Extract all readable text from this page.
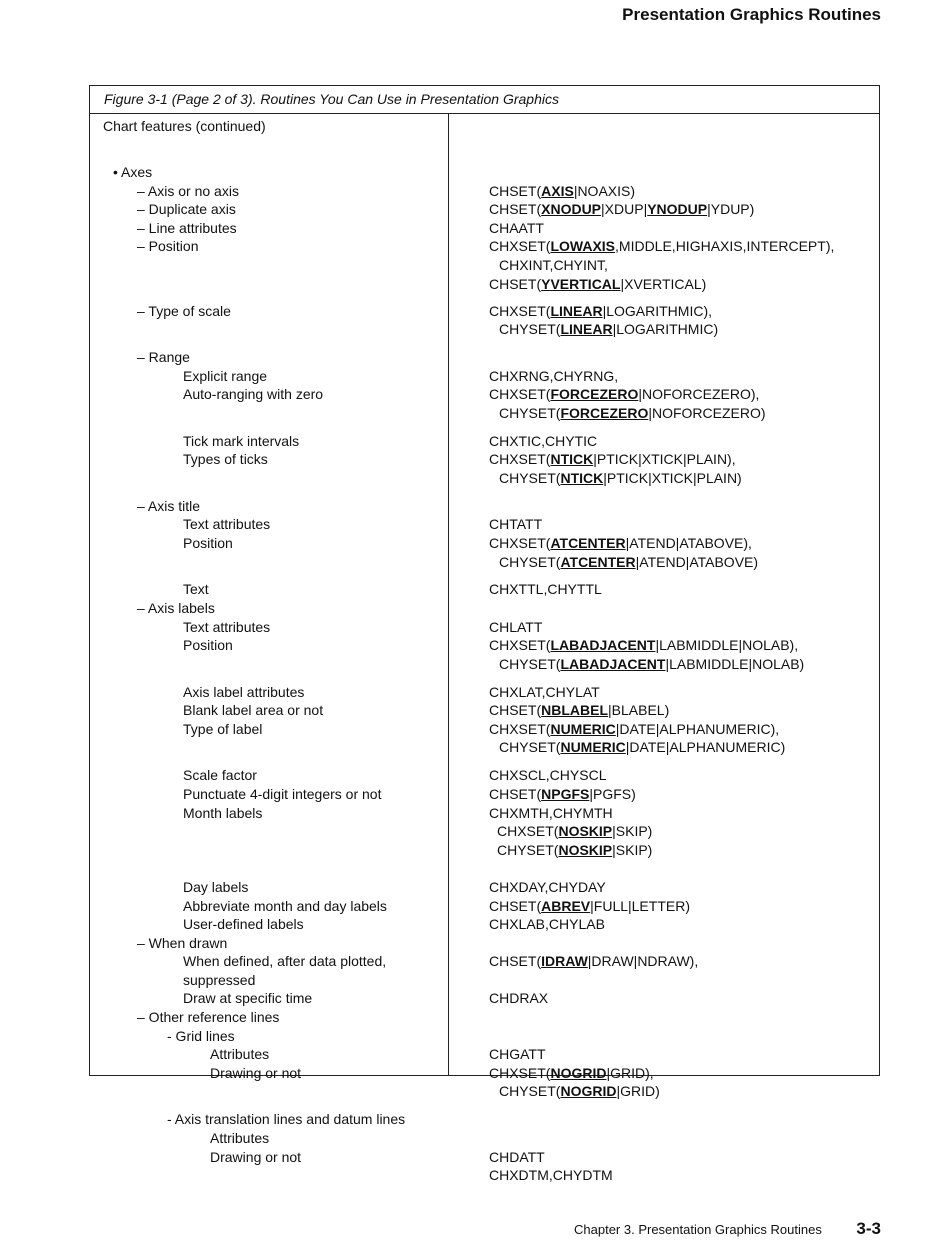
Presentation Graphics Routines
Figure 3-1 (Page 2 of 3). Routines You Can Use in Presentation Graphics
Chart features (continued)
• Axes
– Axis or no axis	CHSET(AXIS|NOAXIS)
– Duplicate axis	CHSET(XNODUP|XDUP|YNODUP|YDUP)
– Line attributes	CHAATT
– Position	CHXSET(LOWAXIS,MIDDLE,HIGHAXIS,INTERCEPT),
CHXINT,CHYINT,
CHSET(YVERTICAL|XVERTICAL)
– Type of scale	CHXSET(LINEAR|LOGARITHMIC),
CHYSET(LINEAR|LOGARITHMIC)
– Range
Explicit range	CHXRNG,CHYRNG,
Auto-ranging with zero	CHXSET(FORCEZERO|NOFORCEZERO),
CHYSET(FORCEZERO|NOFORCEZERO)
Tick mark intervals	CHXTIC,CHYTIC
Types of ticks	CHXSET(NTICK|PTICK|XTICK|PLAIN),
CHYSET(NTICK|PTICK|XTICK|PLAIN)
– Axis title
Text attributes	CHTATT
Position	CHXSET(ATCENTER|ATEND|ATABOVE),
CHYSET(ATCENTER|ATEND|ATABOVE)
Text	CHXTTL,CHYTTL
– Axis labels
Text attributes	CHLATT
Position	CHXSET(LABADJACENT|LABMIDDLE|NOLAB),
CHYSET(LABADJACENT|LABMIDDLE|NOLAB)
Axis label attributes	CHXLAT,CHYLAT
Blank label area or not	CHSET(NBLABEL|BLABEL)
Type of label	CHXSET(NUMERIC|DATE|ALPHANUMERIC),
CHYSET(NUMERIC|DATE|ALPHANUMERIC)
Scale factor	CHXSCL,CHYSCL
Punctuate 4-digit integers or not	CHSET(NPGFS|PGFS)
Month labels	CHXMTH,CHYMTH
CHXSET(NOSKIP|SKIP)
CHYSET(NOSKIP|SKIP)
Day labels	CHXDAY,CHYDAY
Abbreviate month and day labels	CHSET(ABREV|FULL|LETTER)
User-defined labels	CHXLAB,CHYLAB
– When drawn
When defined, after data plotted,	CHSET(IDRAW|DRAW|NDRAW),
suppressed
Draw at specific time	CHDRAX
– Other reference lines
- Grid lines
Attributes	CHGATT
Drawing or not	CHXSET(NOGRID|GRID),
CHYSET(NOGRID|GRID)
- Axis translation lines and datum lines
Attributes
Drawing or not	CHDATT
CHXDTM,CHYDTM
Chapter 3. Presentation Graphics Routines 3-3
